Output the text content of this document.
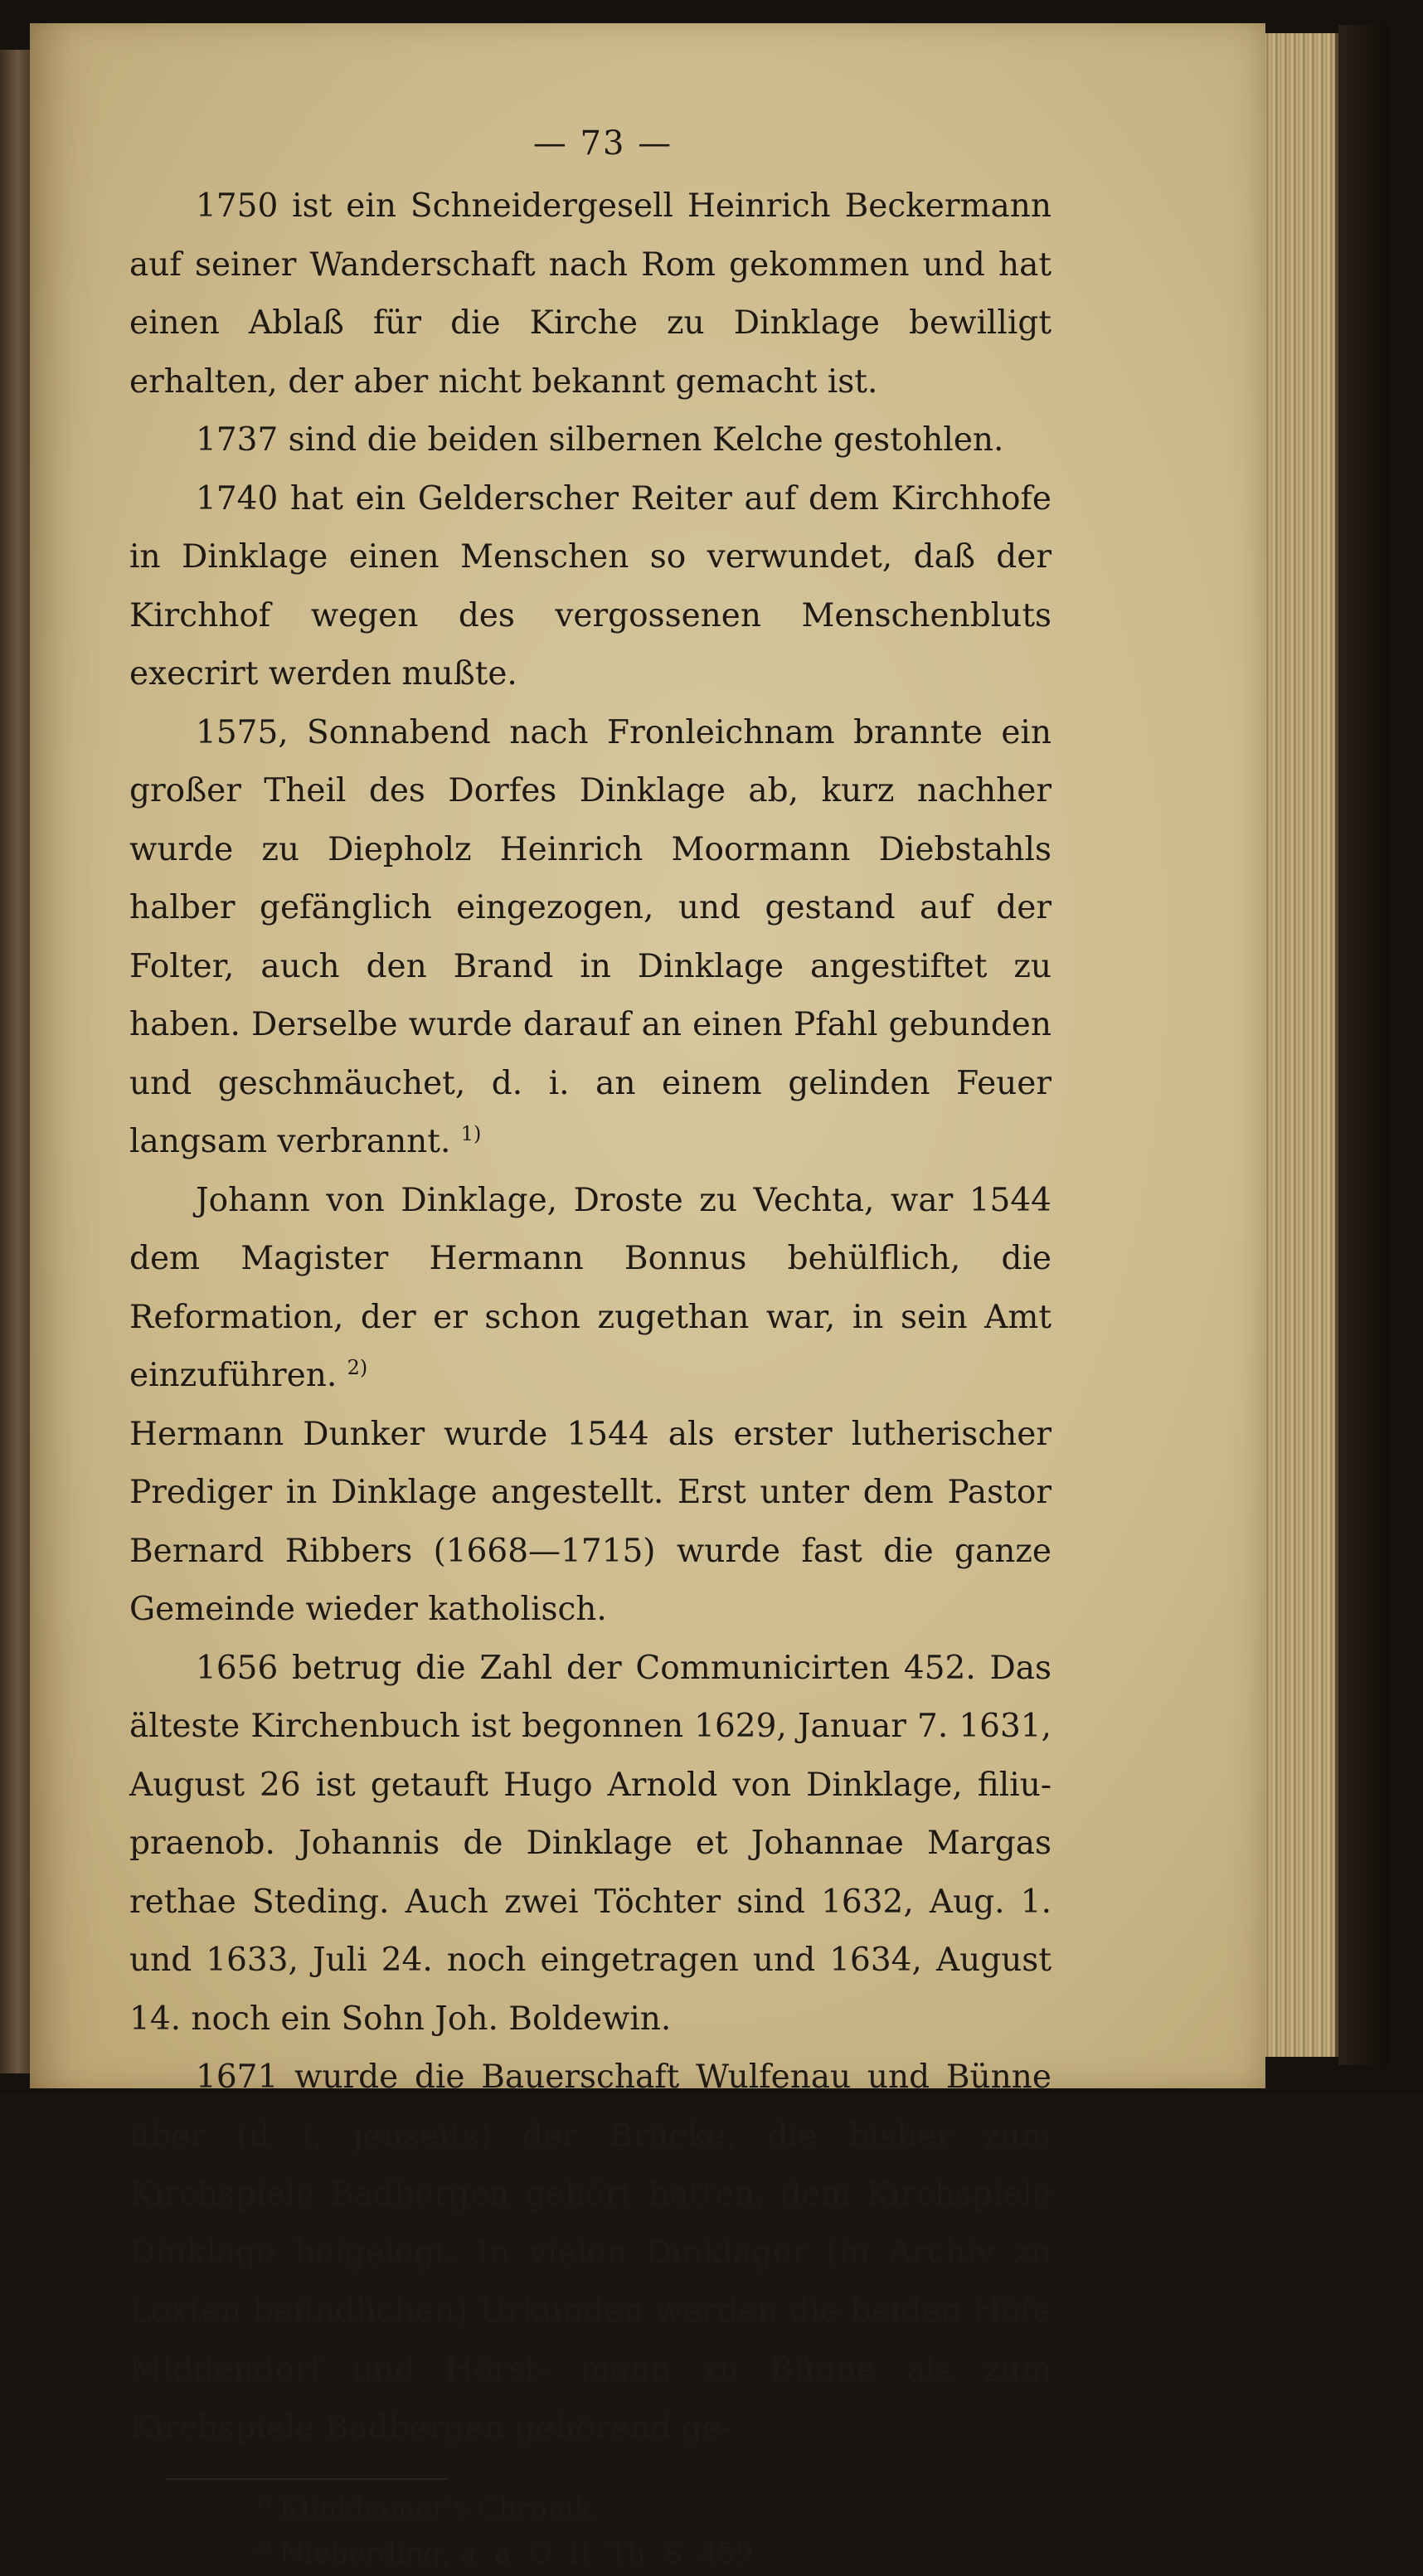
— 73 —

1750 ist ein Schneidergesell Heinrich Beckermann auf seiner Wanderschaft nach Rom gekommen und hat einen Ablaß für die Kirche zu Dinklage bewilligt erhalten, der aber nicht bekannt gemacht ist.

1737 sind die beiden silbernen Kelche gestohlen.

1740 hat ein Gelderscher Reiter auf dem Kirchhofe in Dinklage einen Menschen so verwundet, daß der Kirchhof wegen des vergossenen Menschenbluts execrirt werden mußte.

1575, Sonnabend nach Fronleichnam brannte ein großer Theil des Dorfes Dinklage ab, kurz nachher wurde zu Diepholz Heinrich Moormann Diebstahls halber gefänglich eingezogen, und gestand auf der Folter, auch den Brand in Dinklage angestiftet zu haben. Derselbe wurde darauf an einen Pfahl gebunden und geschmäuchet, d. i. an einem gelinden Feuer langsam verbrannt. $^{1)}$

Johann von Dinklage, Droste zu Vechta, war 1544 dem Magister Hermann Bonnus behülflich, die Reformation, der er schon zugethan war, in sein Amt einzuführen. $^{2)}$

Hermann Dunker wurde 1544 als erster lutherischer Prediger in Dinklage angestellt. Erst unter dem Pastor Bernard Ribbers (1668—1715) wurde fast die ganze Gemeinde wieder katholisch.

1656 betrug die Zahl der Communicirten 452. Das älteste Kirchenbuch ist begonnen 1629, Januar 7. 1631, August 26 ist getauft Hugo Arnold von Dinklage, filiu- praenob. Johannis de Dinklage et Johannae Margas rethae Steding. Auch zwei Töchter sind 1632, Aug. 1. und 1633, Juli 24. noch eingetragen und 1634, August 14. noch ein Sohn Joh. Boldewin.

1671 wurde die Bauerschaft Wulfenau und Bünne über (d i. jenseits) der Brücke, die bisher zum Kirchspiele Badbergen gehört hatten, dem Kirchspiele Dinklage beigelegt. In vielen Dinklager (in Archiv zu Loxten befindlichen) Urkunden werden die beiden Höfe Middendorf und Hörst- mann zu Bünne als zum Kirchspiele Badbergen gehörend ge-

$^{1)}$ Klinkhamer's Chronik.
$^{2)}$ Nieberding, a. a. O. II. Th. S. 459.
